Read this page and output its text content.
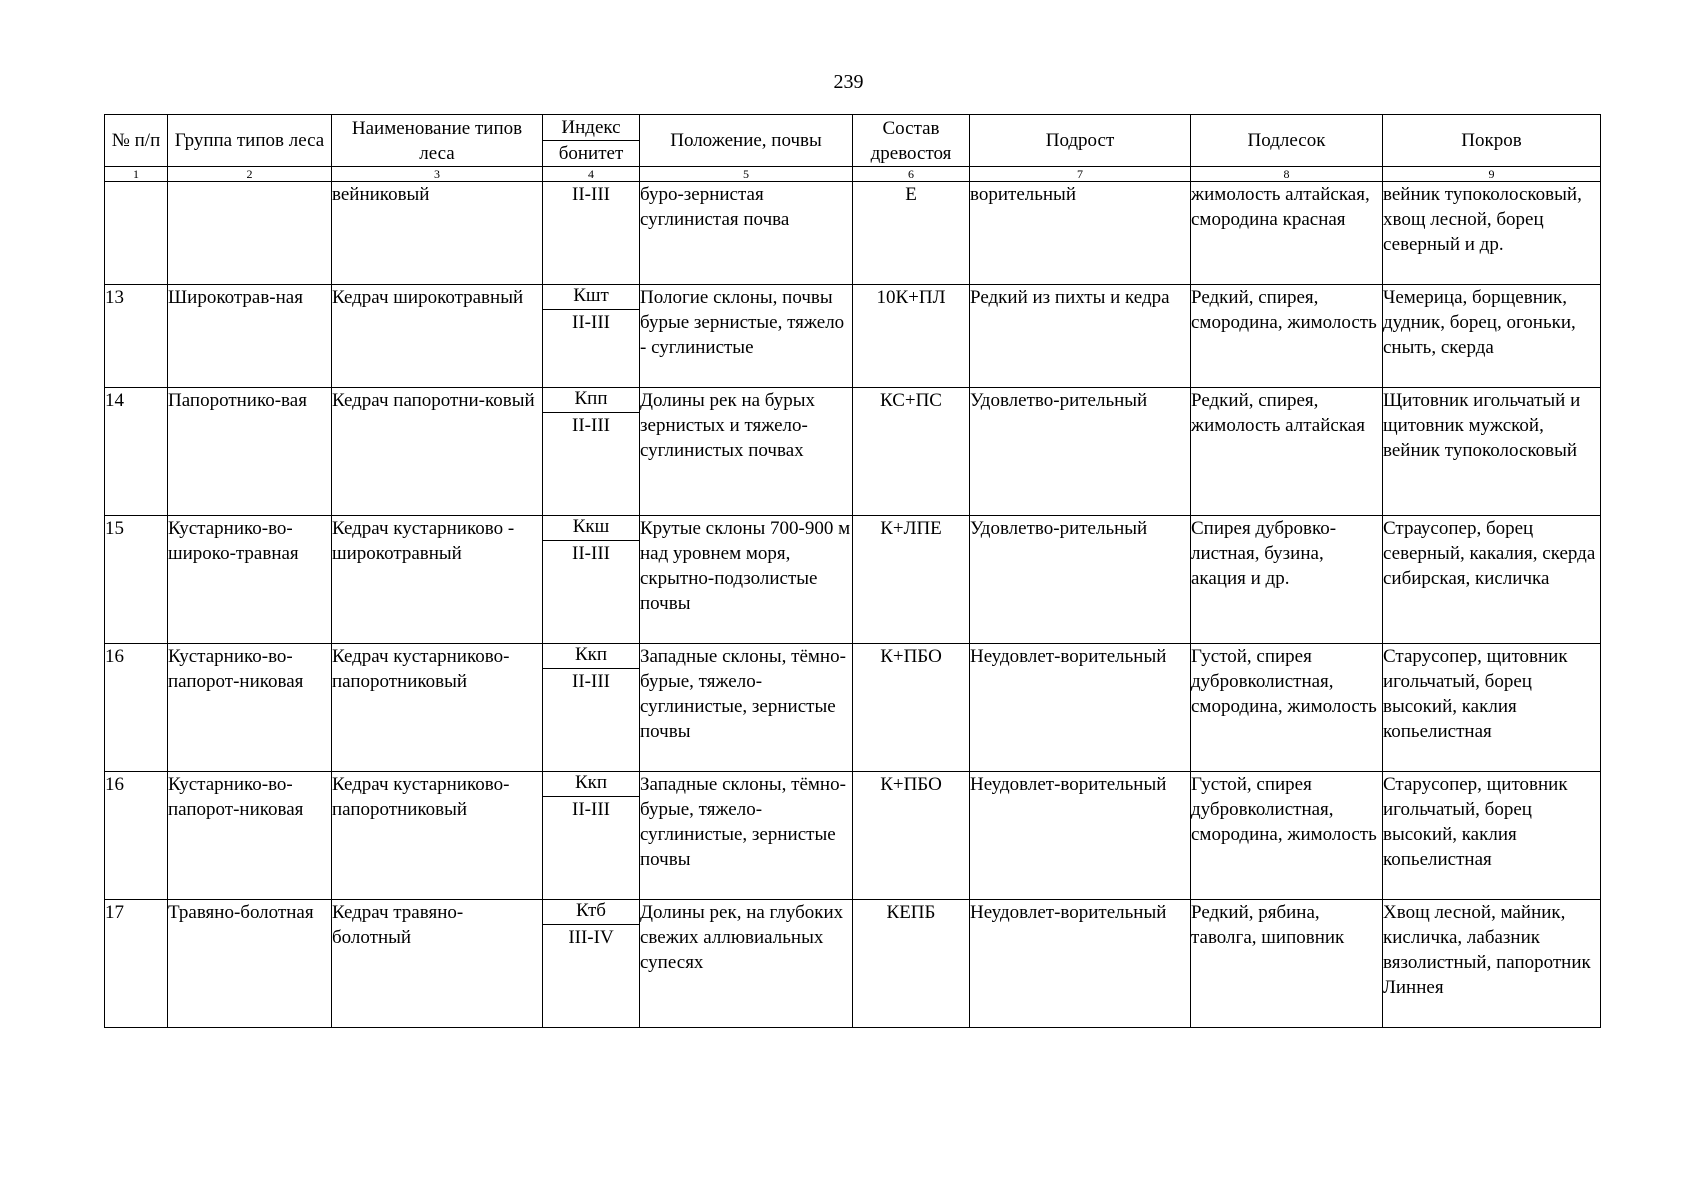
239
№ п/п	Группа типов леса	Наименование типов леса	Индекс	Положение, почвы	Состав древостоя	Подрост	Подлесок	Покров
			бонитет					
1	2	3	4	5	6	7	8	9
		вейниковый	II-III	буро-зернистая суглинистая почва	Е	ворительный	жимолость алтайская, смородина красная	вейник тупоколосковый, хвощ лесной, борец северный и др.
13	Широкотрав-ная	Кедрач широкотравный	Кшт	Пологие склоны, почвы бурые зернистые, тяжело - суглинистые	10К+ПЛ	Редкий из пихты и кедра	Редкий, спирея, смородина, жимолость	Чемерица, борщевник, дудник, борец, огоньки, сныть, скерда
			II-III					
14	Папоротнико-вая	Кедрач папоротни-ковый	Кпп	Долины рек на бурых зернистых и тяжело-суглинистых почвах	КС+ПС	Удовлетво-рительный	Редкий, спирея, жимолость алтайская	Щитовник игольчатый и щитовник мужской, вейник тупоколосковый
			II-III					
15	Кустарнико-во-широко-травная	Кедрач кустарниково - широкотравный	Ккш	Крутые склоны 700-900 м над уровнем моря, скрытно-подзолистые почвы	К+ЛПЕ	Удовлетво-рительный	Спирея дубровко-листная, бузина, акация и др.	Страусопер, борец северный, какалия, скерда сибирская, кисличка
			II-III					
16	Кустарнико-во-папорот-никовая	Кедрач кустарниково-папоротниковый	Ккп	Западные склоны, тёмно-бурые, тяжело-суглинистые, зернистые почвы	К+ПБО	Неудовлет-ворительный	Густой, спирея дубровколистная, смородина, жимолость	Старусопер, щитовник игольчатый, борец высокий, каклия копьелистная
			II-III					
16	Кустарнико-во-папорот-никовая	Кедрач кустарниково-папоротниковый	Ккп	Западные склоны, тёмно-бурые, тяжело-суглинистые, зернистые почвы	К+ПБО	Неудовлет-ворительный	Густой, спирея дубровколистная, смородина, жимолость	Старусопер, щитовник игольчатый, борец высокий, каклия копьелистная
			II-III					
17	Травяно-болотная	Кедрач травяно-болотный	Ктб	Долины рек, на глубоких свежих аллювиальных супесях	КЕПБ	Неудовлет-ворительный	Редкий, рябина, таволга, шиповник	Хвощ лесной, майник, кисличка, лабазник вязолистный, папоротник Линнея
			III-IV					
